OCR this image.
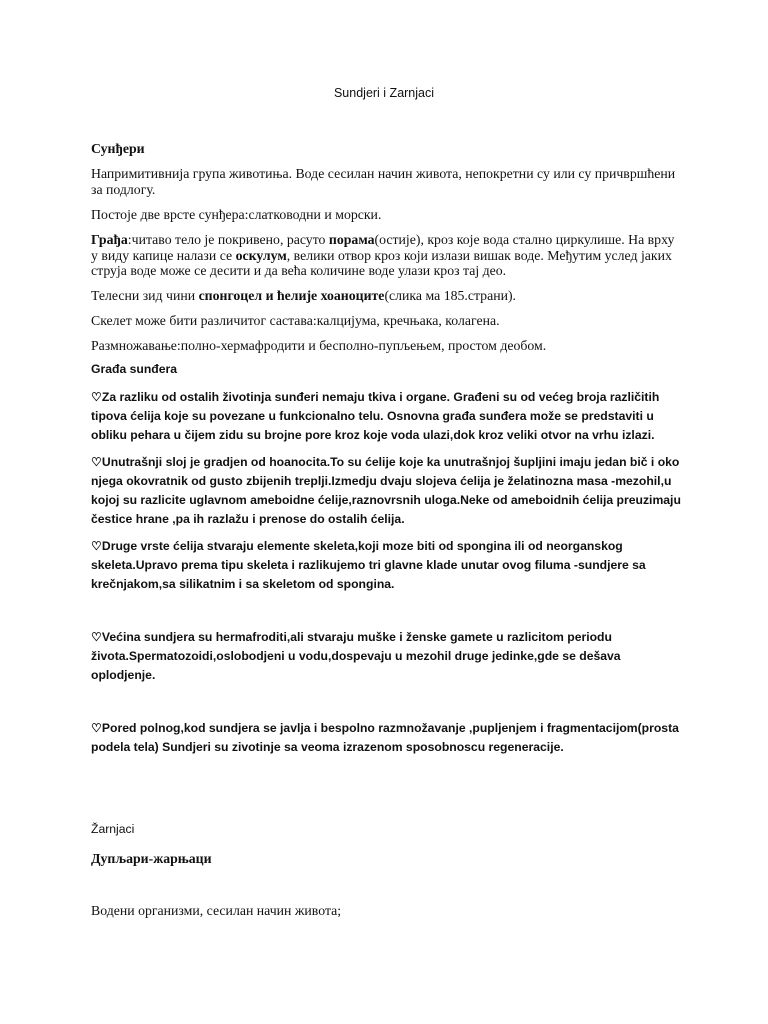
Sundjeri i Zarnjaci
Сунђери
Напримитивнија група животиња. Воде сесилан начин живота, непокретни су или су причвршћени за подлогу.
Постоје две врсте сунђера:слатководни и морски.
Грађа:читаво тело је покривено, расуто порама(остије), кроз које вода стално циркулише. На врху у виду капице налази се оскулум, велики отвор кроз који излази вишак воде. Међутим услед јаких струја воде може се десити и да већа количине воде улази кроз тај део.
Телесни зид чини спонгоцел и ћелије хоаноците(слика ма 185.страни).
Скелет може бити различитог састава:калцијума, кречњака, колагена.
Размножавање:полно-хермафродити и бесполно-пупљењем, простом деобом.
Građa sunđera
♡Za razliku od ostalih životinja sunđeri nemaju tkiva i organe. Građeni su od većeg broja različitih tipova ćelija koje su povezane u funkcionalno telu. Osnovna građa sunđera može se predstaviti u obliku pehara u čijem zidu su brojne pore kroz koje voda ulazi,dok kroz veliki otvor na vrhu izlazi.
♡Unutrašnji sloj je gradjen od hoanocita.To su ćelije koje ka unutrašnjoj šupljini imaju jedan bič i oko njega okovratnik od gusto zbijenih treplji.Izmedju dvaju slojeva ćelija je želatinozna masa -mezohil,u kojoj su razlicite uglavnom ameboidne ćelije,raznovrsnih uloga.Neke od ameboidnih ćelija preuzimaju čestice hrane ,pa ih razlažu i prenose do ostalih ćelija.
♡Druge vrste ćelija stvaraju elemente skeleta,koji moze biti od spongina ili od neorganskog skeleta.Upravo prema tipu skeleta i razlikujemo tri glavne klade unutar ovog filuma -sundjere sa krečnjakom,sa silikatnim i sa skeletom od spongina.
♡Većina sundjera su hermafroditi,ali stvaraju muške i ženske gamete u razlicitom periodu života.Spermatozoidi,oslobodjeni u vodu,dospevaju u mezohil druge jedinke,gde se dešava oplodjenje.
♡Pored polnog,kod sundjera se javlja i bespolno razmnožavanje ,pupljenjem i fragmentacijom(prosta podela tela) Sundjeri su zivotinje sa veoma izrazenom sposobnoscu regeneracije.
Žarnjaci
Дупљари-жарњаци
Водени организми, сесилан начин живота;
